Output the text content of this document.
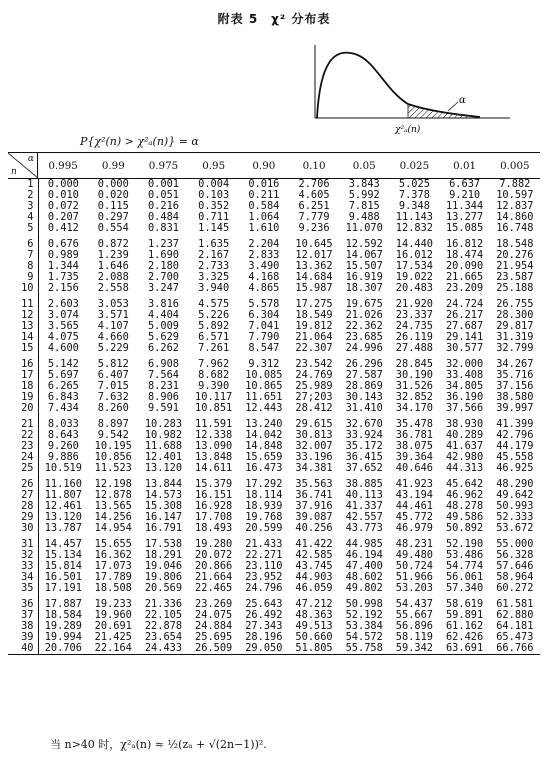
附表 5　χ² 分布表
α
χ²ₐ(n)
P{χ²(n) > χ²ₐ(n)} = α
α
n	0.995	0.99	0.975	0.95	0.90	0.10	0.05	0.025	0.01	0.005
1	0.000	0.000	0.001	0.004	0.016	2.706	3.843	5.025	6.637	7.882
2	0.010	0.020	0.051	0.103	0.211	4.605	5.992	7.378	9.210	10.597
3	0.072	0.115	0.216	0.352	0.584	6.251	7.815	9.348	11.344	12.837
4	0.207	0.297	0.484	0.711	1.064	7.779	9.488	11.143	13.277	14.860
5	0.412	0.554	0.831	1.145	1.610	9.236	11.070	12.832	15.085	16.748
6	0.676	0.872	1.237	1.635	2.204	10.645	12.592	14.440	16.812	18.548
7	0.989	1.239	1.690	2.167	2.833	12.017	14.067	16.012	18.474	20.276
8	1.344	1.646	2.180	2.733	3.490	13.362	15.507	17.534	20.090	21.954
9	1.735	2.088	2.700	3.325	4.168	14.684	16.919	19.022	21.665	23.587
10	2.156	2.558	3.247	3.940	4.865	15.987	18.307	20.483	23.209	25.188
11	2.603	3.053	3.816	4.575	5.578	17.275	19.675	21.920	24.724	26.755
12	3.074	3.571	4.404	5.226	6.304	18.549	21.026	23.337	26.217	28.300
13	3.565	4.107	5.009	5.892	7.041	19.812	22.362	24.735	27.687	29.817
14	4.075	4.660	5.629	6.571	7.790	21.064	23.685	26.119	29.141	31.319
15	4.600	5.229	6.262	7.261	8.547	22.307	24.996	27.488	30.577	32.799
16	5.142	5.812	6.908	7.962	9.312	23.542	26.296	28.845	32.000	34.267
17	5.697	6.407	7.564	8.682	10.085	24.769	27.587	30.190	33.408	35.716
18	6.265	7.015	8.231	9.390	10.865	25.989	28.869	31.526	34.805	37.156
19	6.843	7.632	8.906	10.117	11.651	27;203	30.143	32.852	36.190	38.580
20	7.434	8.260	9.591	10.851	12.443	28.412	31.410	34.170	37.566	39.997
21	8.033	8.897	10.283	11.591	13.240	29.615	32.670	35.478	38.930	41.399
22	8.643	9.542	10.982	12.338	14.042	30.813	33.924	36.781	40.289	42.796
23	9.260	10.195	11.688	13.090	14.848	32.007	35.172	38.075	41.637	44.179
24	9.886	10.856	12.401	13.848	15.659	33.196	36.415	39.364	42.980	45.558
25	10.519	11.523	13.120	14.611	16.473	34.381	37.652	40.646	44.313	46.925
26	11.160	12.198	13.844	15.379	17.292	35.563	38.885	41.923	45.642	48.290
27	11.807	12.878	14.573	16.151	18.114	36.741	40.113	43.194	46.962	49.642
28	12.461	13.565	15.308	16.928	18.939	37.916	41.337	44.461	48.278	50.993
29	13.120	14.256	16.147	17.708	19.768	39.087	42.557	45.772	49.586	52.333
30	13.787	14.954	16.791	18.493	20.599	40.256	43.773	46.979	50.892	53.672
31	14.457	15.655	17.538	19.280	21.433	41.422	44.985	48.231	52.190	55.000
32	15.134	16.362	18.291	20.072	22.271	42.585	46.194	49.480	53.486	56.328
33	15.814	17.073	19.046	20.866	23.110	43.745	47.400	50.724	54.774	57.646
34	16.501	17.789	19.806	21.664	23.952	44.903	48.602	51.966	56.061	58.964
35	17.191	18.508	20.569	22.465	24.796	46.059	49.802	53.203	57.340	60.272
36	17.887	19.233	21.336	23.269	25.643	47.212	50.998	54.437	58.619	61.581
37	18.584	19.960	22.105	24.075	26.492	48.363	52.192	55.667	59.891	62.880
38	19.289	20.691	22.878	24.884	27.343	49.513	53.384	56.896	61.162	64.181
39	19.994	21.425	23.654	25.695	28.196	50.660	54.572	58.119	62.426	65.473
40	20.706	22.164	24.433	26.509	29.050	51.805	55.758	59.342	63.691	66.766
当 n>40 时，χ²ₐ(n) ≈ ½(zₐ + √(2n−1))².
